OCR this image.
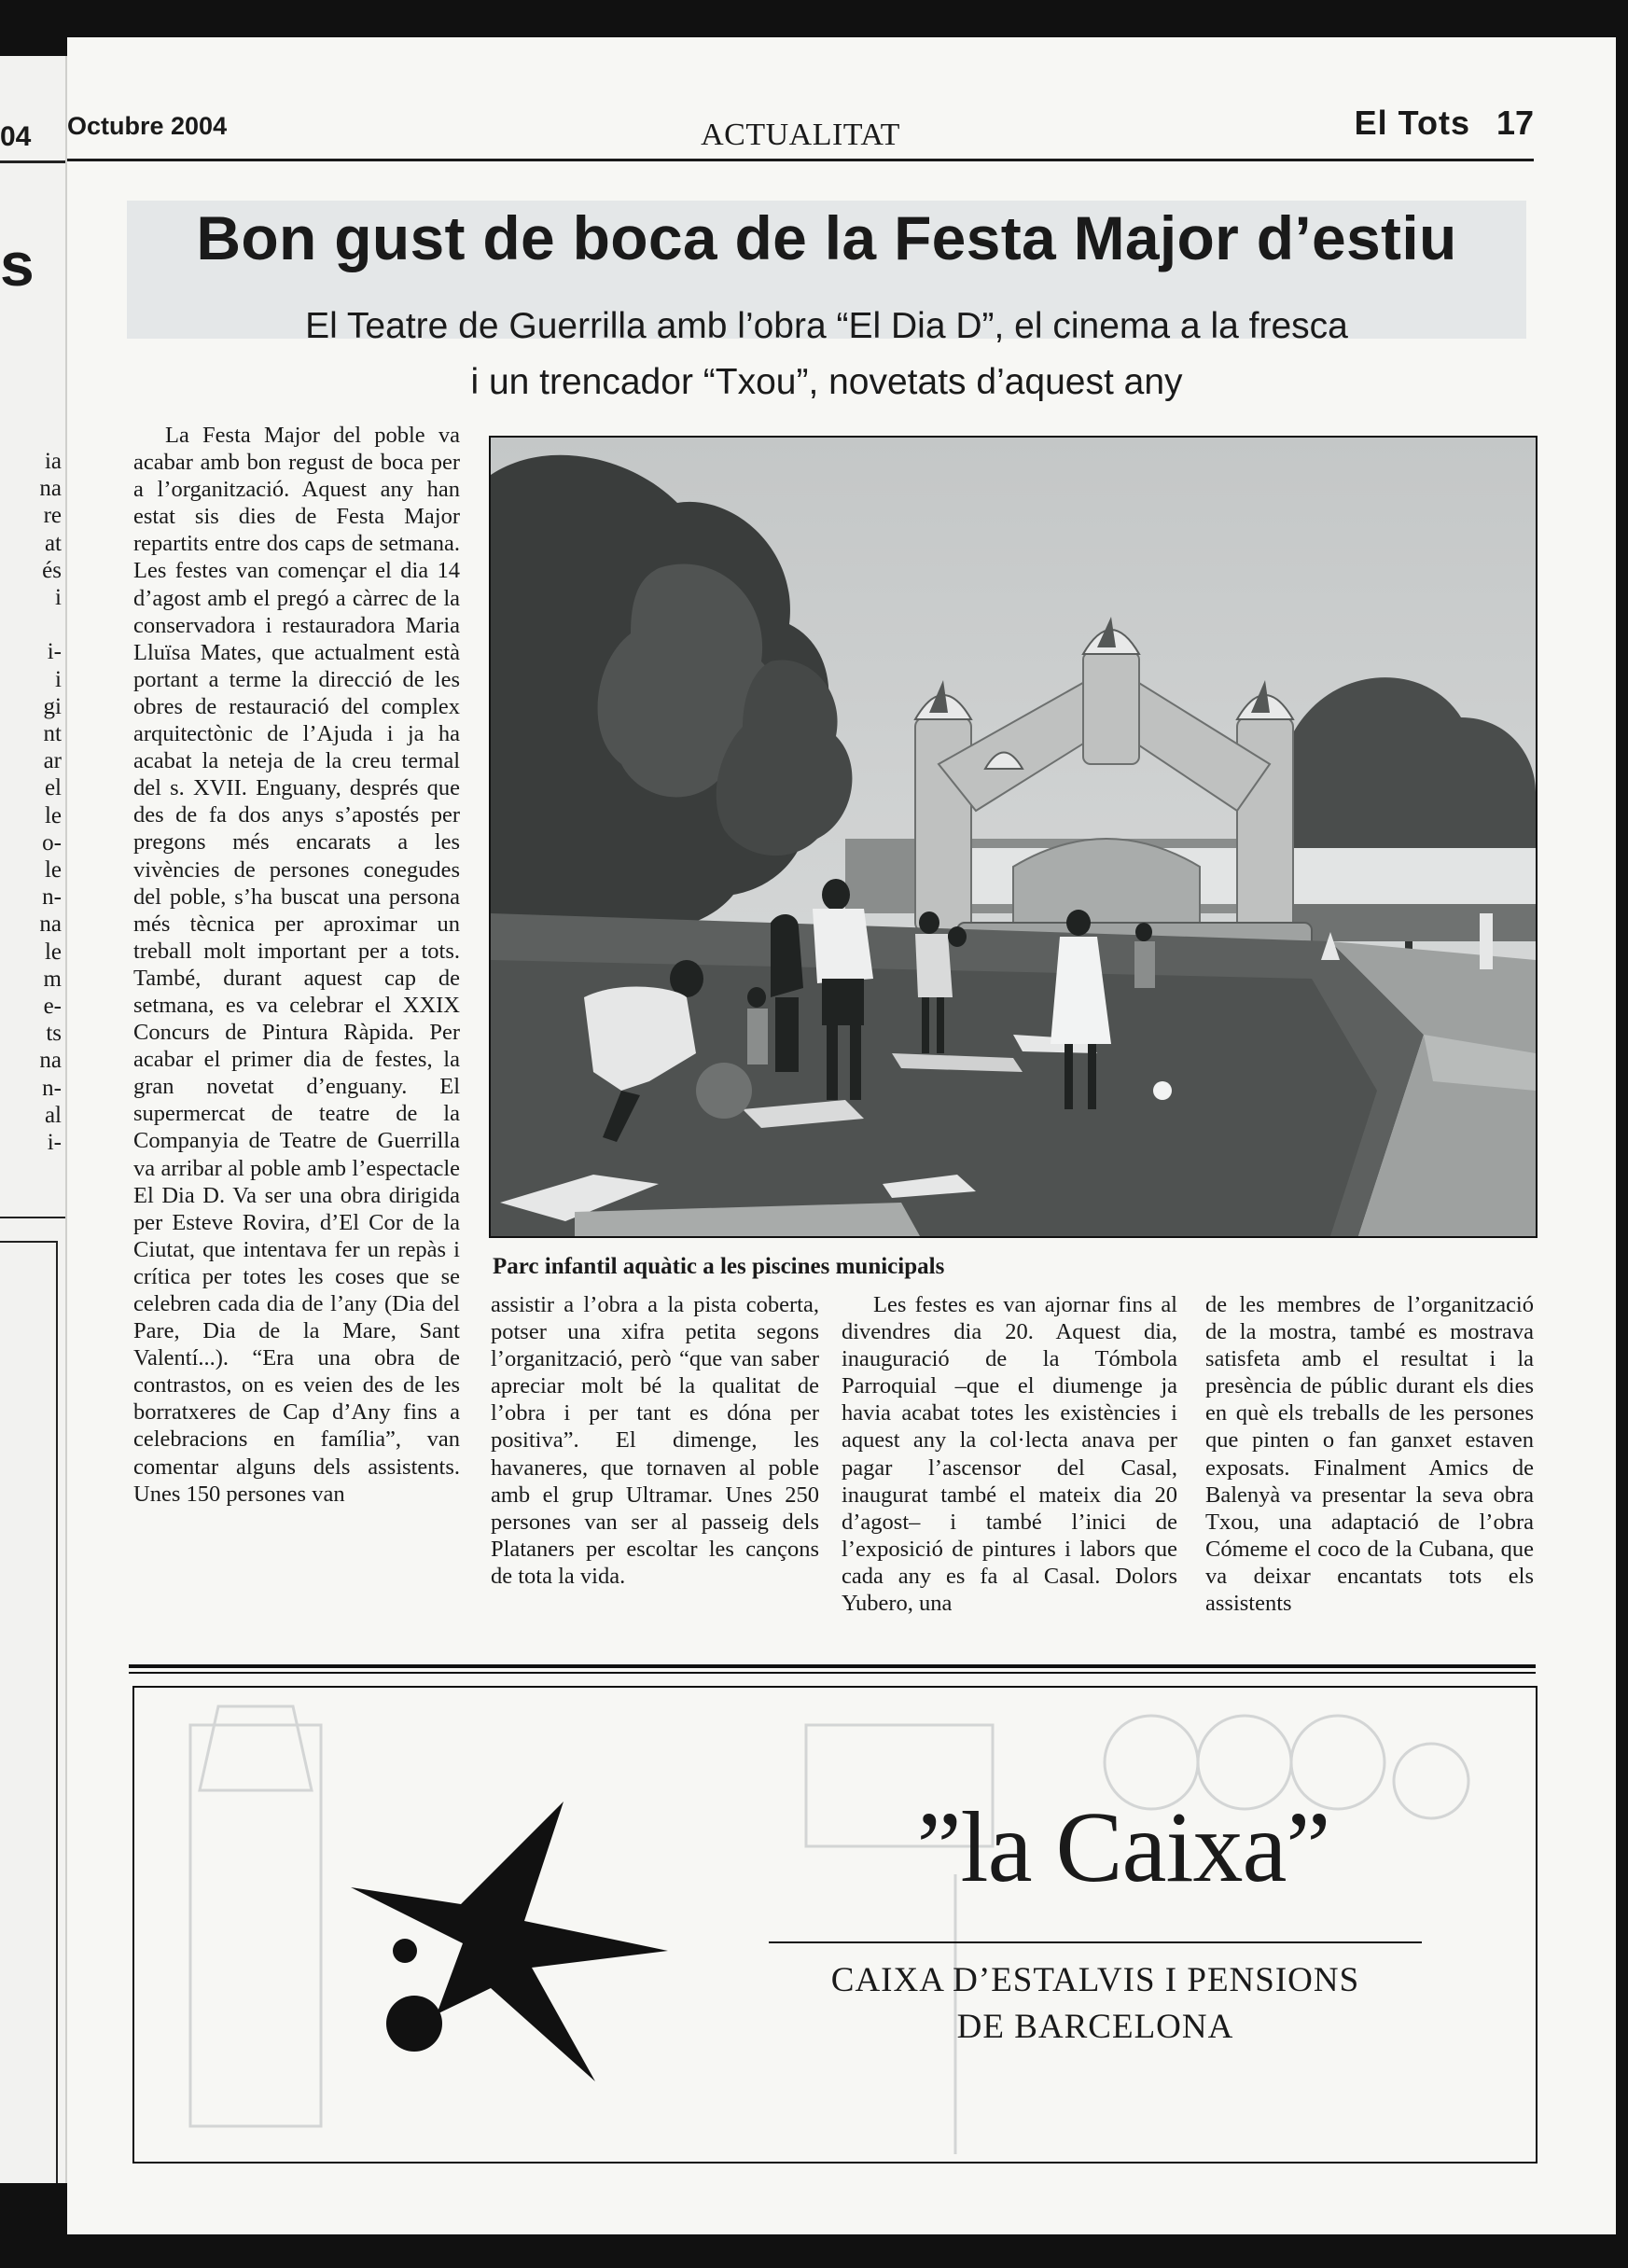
04
s
ia
na
re
at
és
i

i-
i
gi
nt
ar
el
le
o-
le
n-
na
le
m
e-
ts
na
n-
al
i-
Octubre 2004	ACTUALITAT	El Tots 17
Bon gust de boca de la Festa Major d’estiu
El Teatre de Guerrilla amb l’obra “El Dia D”, el cinema a la fresca
i un trencador “Txou”, novetats d’aquest any

La Festa Major del poble va acabar amb bon regust de boca per a l’organització. Aquest any han estat sis dies de Festa Major repartits entre dos caps de setmana. Les festes van començar el dia 14 d’agost amb el pregó a càrrec de la conservadora i restauradora Maria Lluïsa Mates, que actualment està portant a terme la direcció de les obres de restauració del complex arquitectònic de l’Ajuda i ja ha acabat la neteja de la creu termal del s. XVII. Enguany, després que des de fa dos anys s’apostés per pregons més encarats a les vivències de persones conegudes del poble, s’ha buscat una persona més tècnica per aproximar un treball molt important per a tots. També, durant aquest cap de setmana, es va celebrar el XXIX Concurs de Pintura Ràpida. Per acabar el primer dia de festes, la gran novetat d’enguany. El supermercat de teatre de la Companyia de Teatre de Guerrilla va arribar al poble amb l’espectacle El Dia D. Va ser una obra dirigida per Esteve Rovira, d’El Cor de la Ciutat, que intentava fer un repàs i crítica per totes les coses que se celebren cada dia de l’any (Dia del Pare, Dia de la Mare, Sant Valentí...). “Era una obra de contrastos, on es veien des de les borratxeres de Cap d’Any fins a celebracions en família”, van comentar alguns dels assistents. Unes 150 persones van

Parc infantil aquàtic a les piscines municipals

assistir a l’obra a la pista coberta, potser una xifra petita segons l’organització, però “que van saber apreciar molt bé la qualitat de l’obra i per tant es dóna per positiva”. El dimenge, les havaneres, que tornaven al poble amb el grup Ultramar. Unes 250 persones van ser al passeig dels Plataners per escoltar les cançons de tota la vida.

Les festes es van ajornar fins al divendres dia 20. Aquest dia, inauguració de la Tómbola Parroquial –que el diumenge ja havia acabat totes les existències i aquest any la col·lecta anava per pagar l’ascensor del Casal, inaugurat també el mateix dia 20 d’agost– i també l’inici de l’exposició de pintures i labors que cada any es fa al Casal. Dolors Yubero, una

de les membres de l’organització de la mostra, també es mostrava satisfeta amb el resultat i la presència de públic durant els dies en què els treballs de les persones que pinten o fan ganxet estaven exposats. Finalment Amics de Balenyà va presentar la seva obra Txou, una adaptació de l’obra Cómeme el coco de la Cubana, que va deixar encantats tots els assistents

”la Caixa”
CAIXA D’ESTALVIS I PENSIONS
DE BARCELONA
